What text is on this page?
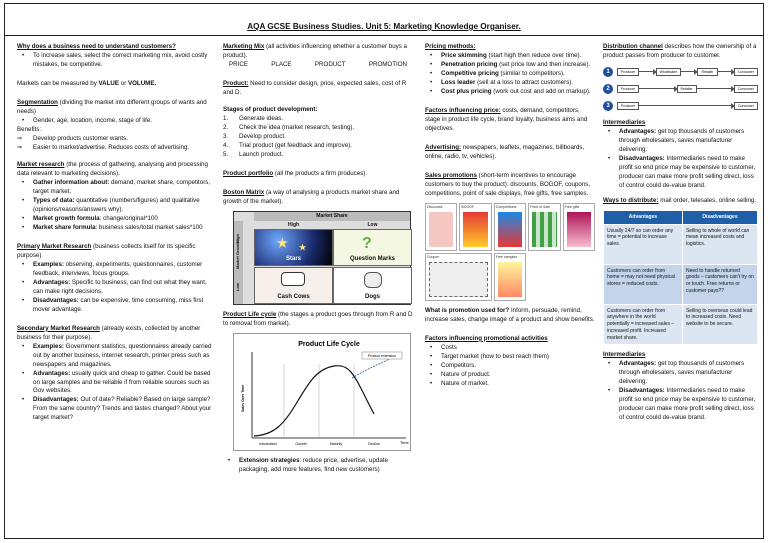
AQA GCSE Business Studies. Unit 5: Marketing Knowledge Organiser.
Why does a business need to understand customers?
• To increase sales, select the correct marketing mix, avoid costly mistakes, be competitive.
Markets can be measured by VALUE or VOLUME.
Segmentation (dividing the market into different groups of wants and needs)
• Gender, age, location, income, stage of life.
Benefits:
⇒ Develop products customer wants.
⇒ Easier to market/advertise. Reduces costs of advertising.
Market research (the process of gathering, analysing and processing data relevant to marketing decisions).
• Gather information about: demand, market share, competitors, target market.
• Types of data: quantitative (numbers/figures) and qualitative (opinions/reasons/answers why).
• Market growth formula: change/original*100
• Market share formula: business sales/total market sales*100
Primary Market Research (business collects itself for its specific purpose)
• Examples: observing, experiments, questionnaires, customer feedback, interviews, focus groups.
• Advantages: Specific to business, can find out what they want, can make right decisions.
• Disadvantages: can be expensive, time consuming, miss first mover advantage.
Secondary Market Research (already exists, collected by another business for their purpose).
• Examples: Government statistics, questionnaires already carried out by another business, internet research, printer press such as newspapers and magazines.
• Advantages: usually quick and cheap to gather. Could be based on large samples and be reliable if from reliable sources such as Gov websites.
• Disadvantages: Out of date? Reliable? Based on large sample? From the same country? Trends and tastes changed? About your target market?
Marketing Mix (all activities influencing whether a customer buys a product).
PRICE	PLACE	PRODUCT	PROMOTION
Product: Need to consider design, price, expected sales, cost of R and D.
Stages of product development:
1. Generate ideas.
2. Check the idea (market research, testing).
3. Develop product.
4. Trial product (get feedback and improve).
5. Launch product.
Product portfolio (all the products a firm produces).
Boston Matrix (a way of analysing a products market share and growth of the market).
Market Share
High	Low
Market Growth
High
Low
★ ★
Stars
?
Question Marks
Cash Cows	Dogs
Product Life cycle (the stages a product goes through from R and D to removal from market).
Product Life Cycle
Sales Over Time
Time
Product extension
Introduction	Growth	Maturity	Decline
• Extension strategies: reduce price, advertise, update packaging, add more features, find new customers)
Pricing methods:
• Price skimming (start high then reduce over time).
• Penetration pricing (set price low and then increase).
• Competitive pricing (similar to competitors).
• Loss leader (sell at a loss to attract customers).
• Cost plus pricing (work out cost and add on markup).
Factors influencing price: costs, demand, competitors, stage in product life cycle, brand loyalty, business aims and objectives.
Advertising: newspapers, leaflets, magazines, billboards, online, radio, tv, vehicles).
Sales promotions (short-term incentives to encourage customers to buy the product): discounts, BOGOF, coupons, competitions, point of sale displays, free gifts, free samples.
Discounts	BOGOF	Competitions	Point of Sale	Free gifts
Coupon	Free samples
What is promotion used for? Inform, persuade, remind, increase sales, change image of a product and show benefits.
Factors influencing promotional activities
• Costs
• Target market (how to best reach them)
• Competitors.
• Nature of product.
• Nature of market.
Distribution channel describes how the ownership of a product passes from producer to customer.
1	Producer	Wholesaler	Retailer	Consumer
2	Producer	Retailer	Consumer
3	Producer	Consumer
Intermediaries
• Advantages: get top thousands of customers through wholesalers, saves manufacturer delivering.
• Disadvantages: Intermediaries need to make profit so end price may be expensive to customer, producer can make more profit selling direct, loss of control could de-value brand.
Ways to distribute: mail order, telesales, online selling.
Advantages	Disadvantages
Usually 24/7 so can order any time = potential to increase sales.	Selling to whole of world can mean increased costs and logistics.
Customers can order from home = may not need physical stores = reduced costs.	Need to handle returned goods – customers can't try on or touch. Free returns or customer pays??
Customers can order from anywhere in the world potentially = increased sales – increased profit. Increased market share.	Selling to overseas could lead to increased costs. Need website to be secure.
Intermediaries
• Advantages: get top thousands of customers through wholesalers, saves manufacturer delivering.
• Disadvantages: Intermediaries need to make profit so end price may be expensive to customer, producer can make more profit selling direct, loss of control could de-value brand.
